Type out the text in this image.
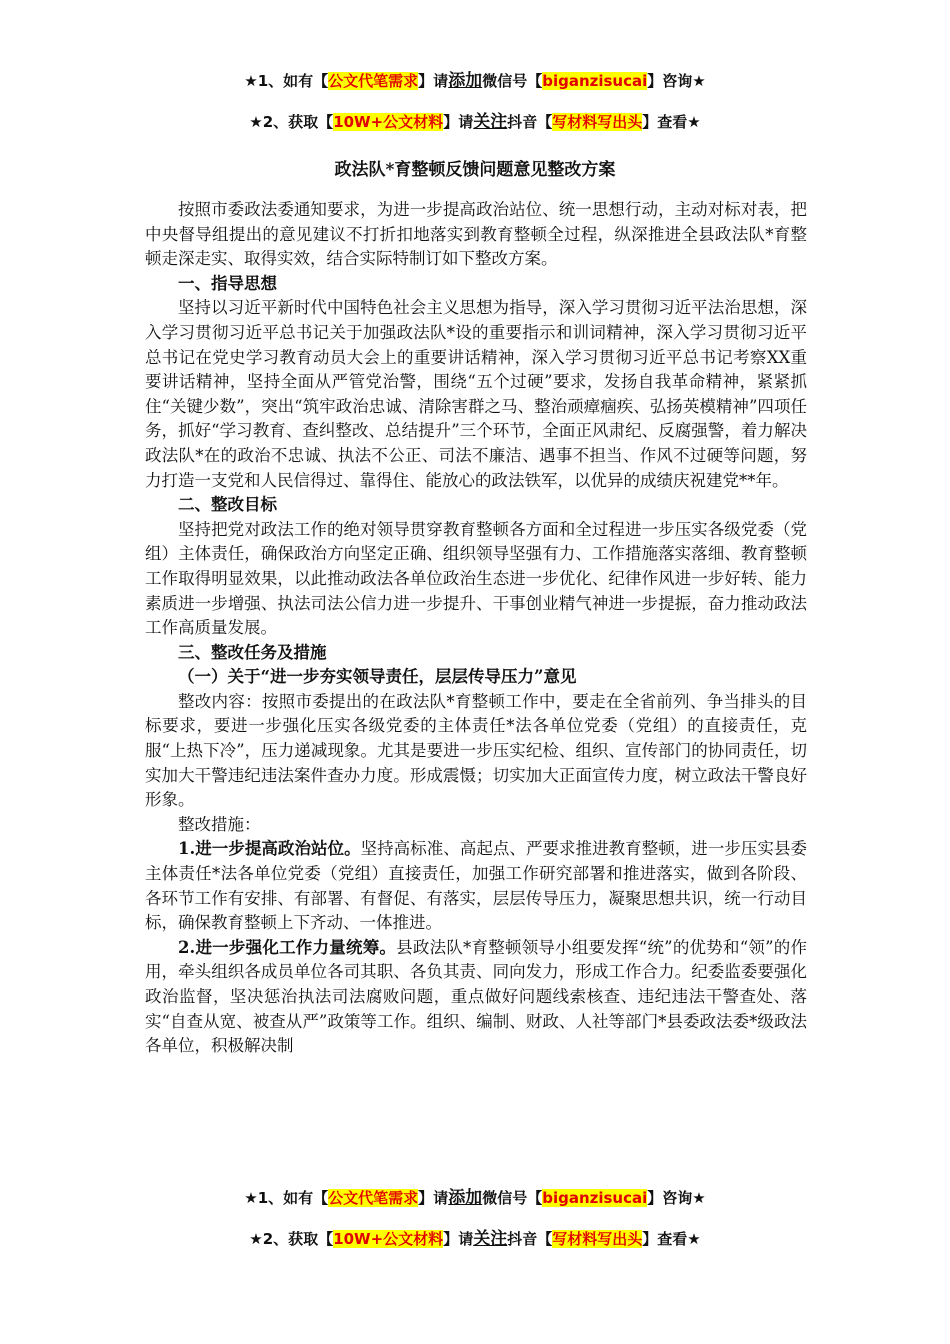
★1、如有【公文代笔需求】请添加微信号【biganzisucai】咨询★
★2、获取【10W+公文材料】请关注抖音【写材料写出头】查看★
政法队*育整顿反馈问题意见整改方案

按照市委政法委通知要求，为进一步提高政治站位、统一思想行动，主动对标对表，把中央督导组提出的意见建议不打折扣地落实到教育整顿全过程，纵深推进全县政法队*育整顿走深走实、取得实效，结合实际特制订如下整改方案。

一、指导思想

坚持以习近平新时代中国特色社会主义思想为指导，深入学习贯彻习近平法治思想，深入学习贯彻习近平总书记关于加强政法队*设的重要指示和训词精神，深入学习贯彻习近平总书记在党史学习教育动员大会上的重要讲话精神，深入学习贯彻习近平总书记考察XX重要讲话精神，坚持全面从严管党治警，围绕“五个过硬”要求，发扬自我革命精神，紧紧抓住“关键少数”，突出“筑牢政治忠诚、清除害群之马、整治顽瘴痼疾、弘扬英模精神”四项任务，抓好“学习教育、查纠整改、总结提升”三个环节，全面正风肃纪、反腐强警，着力解决政法队*在的政治不忠诚、执法不公正、司法不廉洁、遇事不担当、作风不过硬等问题，努力打造一支党和人民信得过、靠得住、能放心的政法铁军，以优异的成绩庆祝建党**年。

二、整改目标

坚持把党对政法工作的绝对领导贯穿教育整顿各方面和全过程进一步压实各级党委（党组）主体责任，确保政治方向坚定正确、组织领导坚强有力、工作措施落实落细、教育整顿工作取得明显效果，以此推动政法各单位政治生态进一步优化、纪律作风进一步好转、能力素质进一步增强、执法司法公信力进一步提升、干事创业精气神进一步提振，奋力推动政法工作高质量发展。

三、整改任务及措施

（一）关于“进一步夯实领导责任，层层传导压力”意见

整改内容：按照市委提出的在政法队*育整顿工作中，要走在全省前列、争当排头的目标要求，要进一步强化压实各级党委的主体责任*法各单位党委（党组）的直接责任，克服“上热下冷”，压力递减现象。尤其是要进一步压实纪检、组织、宣传部门的协同责任，切实加大干警违纪违法案件查办力度。形成震慑；切实加大正面宣传力度，树立政法干警良好形象。

整改措施：

1.进一步提高政治站位。坚持高标准、高起点、严要求推进教育整顿，进一步压实县委主体责任*法各单位党委（党组）直接责任，加强工作研究部署和推进落实，做到各阶段、各环节工作有安排、有部署、有督促、有落实，层层传导压力，凝聚思想共识，统一行动目标，确保教育整顿上下齐动、一体推进。

2.进一步强化工作力量统筹。县政法队*育整顿领导小组要发挥“统”的优势和“领”的作用，牵头组织各成员单位各司其职、各负其责、同向发力，形成工作合力。纪委监委要强化政治监督，坚决惩治执法司法腐败问题，重点做好问题线索核查、违纪违法干警查处、落实“自查从宽、被查从严”政策等工作。组织、编制、财政、人社等部门*县委政法委*级政法各单位，积极解决制

★1、如有【公文代笔需求】请添加微信号【biganzisucai】咨询★
★2、获取【10W+公文材料】请关注抖音【写材料写出头】查看★
